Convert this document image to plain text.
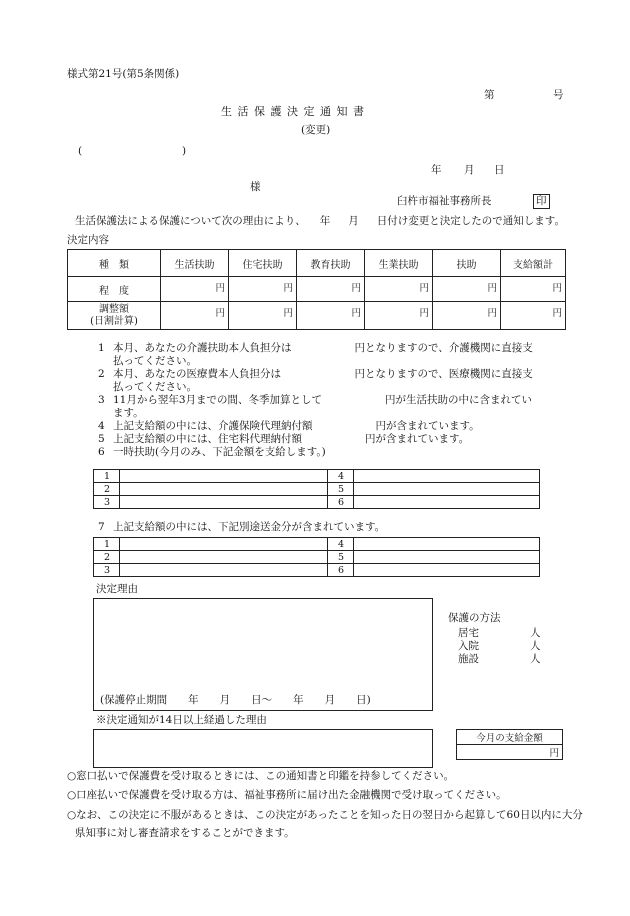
様式第21号(第5条関係)
第	号
生 活 保 護 決 定 通 知 書
(変更)
(	)
年 月 日
様
臼杵市福祉事務所長	印
生活保護法による保護について次の理由により、 年 月 日付け変更と決定したので通知します。
決定内容
種　類	生活扶助	住宅扶助	教育扶助	生業扶助	扶助	支給額計
程　度	円	円	円	円	円	円

調整額
(日割計算)	円	円	円	円	円	円
1 本月、あなたの介護扶助本人負担分は　　　　　　円となりますので、介護機関に直接支
払ってください。
2 本月、あなたの医療費本人負担分は　　　　　　　円となりますので、医療機関に直接支
払ってください。
3 11月から翌年3月までの間、冬季加算として　　　　　　円が生活扶助の中に含まれてい
ます。
4 上記支給額の中には、介護保険代理納付額　　　　　　円が含まれています。
5 上記支給額の中には、住宅料代理納付額　　　　　　円が含まれています。
6 一時扶助(今月のみ、下記金額を支給します。)
1		4	
2		5	
3		6	
7 上記支給額の中には、下記別途送金分が含まれています。
1		4	
2		5	
3		6	
決定理由
(保護停止期間　　年　　月　　日〜　　年　　月　　日)
保護の方法
居宅	人
入院	人
施設	人
※決定通知が14日以上経過した理由
今月の支給金額
円
○窓口払いで保護費を受け取るときには、この通知書と印鑑を持参してください。
○口座払いで保護費を受け取る方は、福祉事務所に届け出た金融機関で受け取ってください。
○なお、この決定に不服があるときは、この決定があったことを知った日の翌日から起算して60日以内に大分
県知事に対し審査請求をすることができます。
